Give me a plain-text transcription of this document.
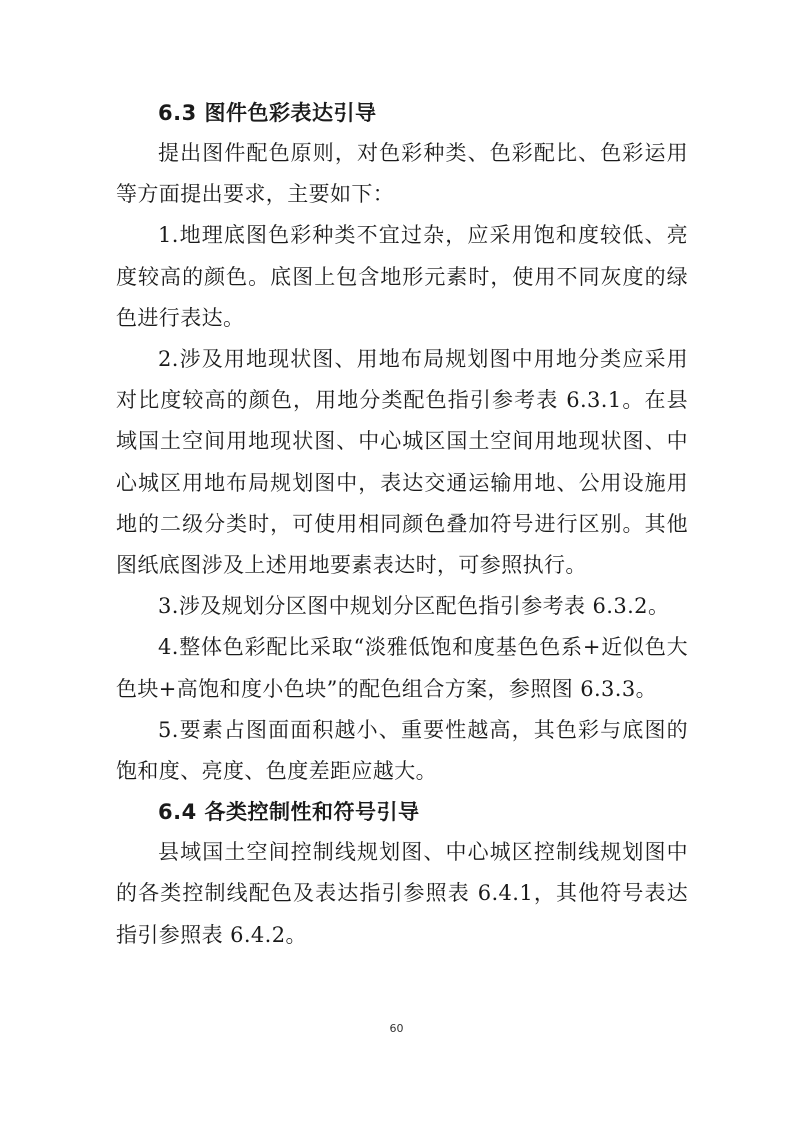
6.3 图件色彩表达引导

提出图件配色原则，对色彩种类、色彩配比、色彩运用等方面提出要求，主要如下：

1.地理底图色彩种类不宜过杂，应采用饱和度较低、亮度较高的颜色。底图上包含地形元素时，使用不同灰度的绿色进行表达。

2.涉及用地现状图、用地布局规划图中用地分类应采用对比度较高的颜色，用地分类配色指引参考表 6.3.1。在县域国土空间用地现状图、中心城区国土空间用地现状图、中心城区用地布局规划图中，表达交通运输用地、公用设施用地的二级分类时，可使用相同颜色叠加符号进行区别。其他图纸底图涉及上述用地要素表达时，可参照执行。

3.涉及规划分区图中规划分区配色指引参考表 6.3.2。

4.整体色彩配比采取“淡雅低饱和度基色色系+近似色大色块+高饱和度小色块”的配色组合方案，参照图 6.3.3。

5.要素占图面面积越小、重要性越高，其色彩与底图的饱和度、亮度、色度差距应越大。

6.4 各类控制性和符号引导

县域国土空间控制线规划图、中心城区控制线规划图中的各类控制线配色及表达指引参照表 6.4.1，其他符号表达指引参照表 6.4.2。

60
